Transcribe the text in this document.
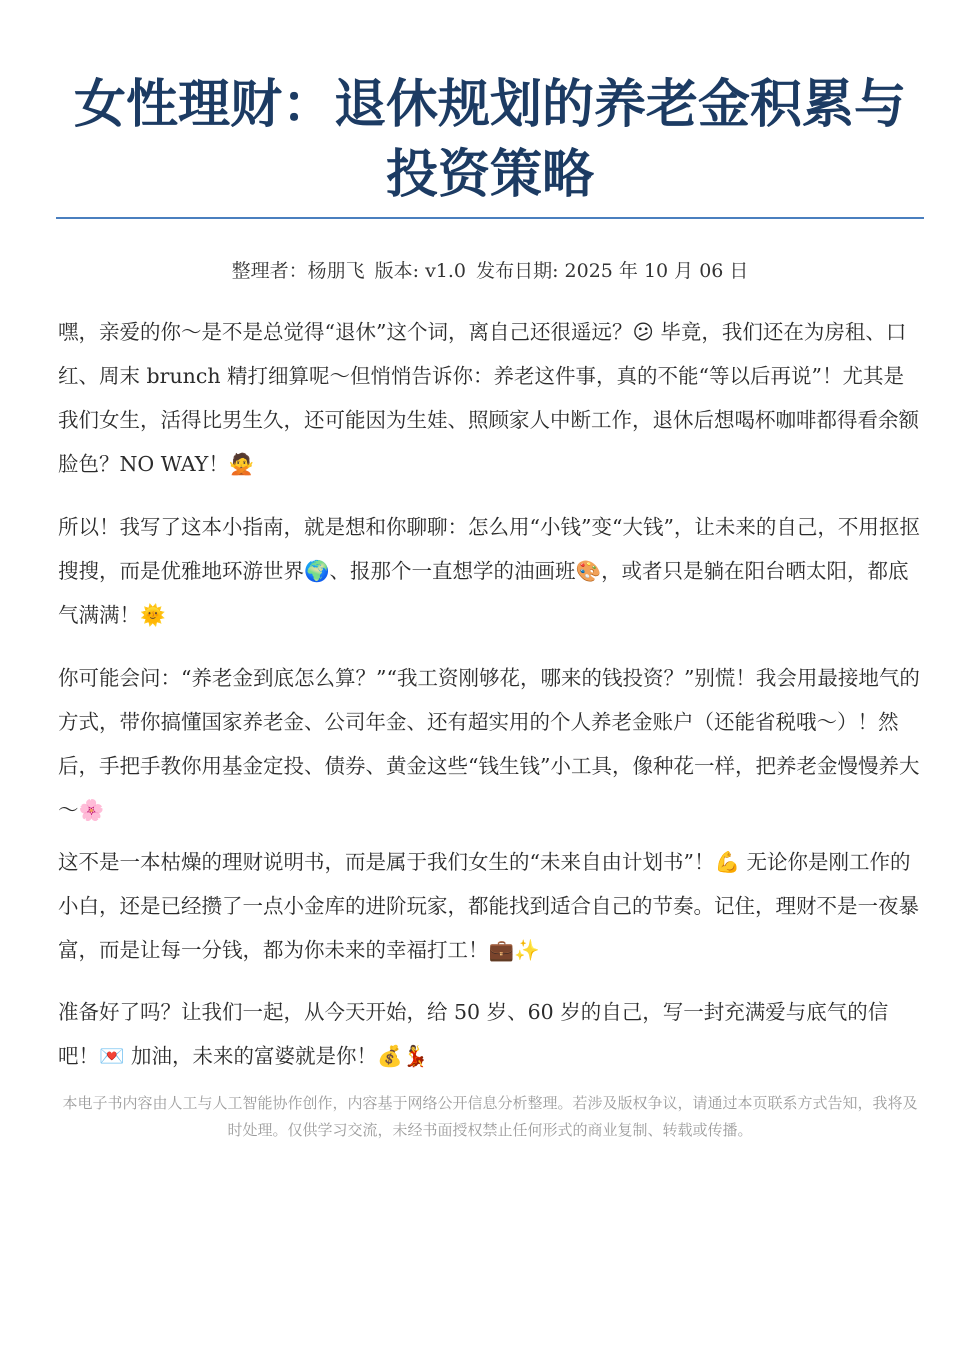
女性理财：退休规划的养老金积累与投资策略
整理者：杨朋飞 版本: v1.0 发布日期: 2025 年 10 月 06 日

嘿，亲爱的你～是不是总觉得“退休”这个词，离自己还很遥远？😕 毕竟，我们还在为房租、口红、周末 brunch 精打细算呢～但悄悄告诉你：养老这件事，真的不能“等以后再说”！尤其是我们女生，活得比男生久，还可能因为生娃、照顾家人中断工作，退休后想喝杯咖啡都得看余额脸色？NO WAY！🙅

所以！我写了这本小指南，就是想和你聊聊：怎么用“小钱”变“大钱”，让未来的自己，不用抠抠搜搜，而是优雅地环游世界🌍、报那个一直想学的油画班🎨，或者只是躺在阳台晒太阳，都底气满满！🌞

你可能会问：“养老金到底怎么算？”“我工资刚够花，哪来的钱投资？”别慌！我会用最接地气的方式，带你搞懂国家养老金、公司年金、还有超实用的个人养老金账户（还能省税哦～）！然后，手把手教你用基金定投、债券、黄金这些“钱生钱”小工具，像种花一样，把养老金慢慢养大～🌸

这不是一本枯燥的理财说明书，而是属于我们女生的“未来自由计划书”！💪 无论你是刚工作的小白，还是已经攒了一点小金库的进阶玩家，都能找到适合自己的节奏。记住，理财不是一夜暴富，而是让每一分钱，都为你未来的幸福打工！💼✨

准备好了吗？让我们一起，从今天开始，给 50 岁、60 岁的自己，写一封充满爱与底气的信吧！💌 加油，未来的富婆就是你！💰💃

本电子书内容由人工与人工智能协作创作，内容基于网络公开信息分析整理。若涉及版权争议，请通过本页联系方式告知，我将及时处理。仅供学习交流，未经书面授权禁止任何形式的商业复制、转载或传播。
